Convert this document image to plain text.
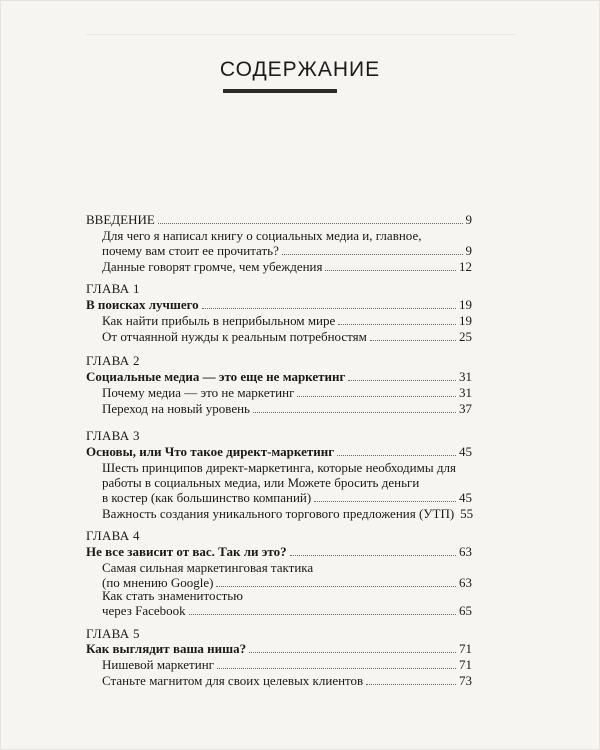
СОДЕРЖАНИЕ
ВВЕДЕНИЕ	9
Для чего я написал книгу о социальных медиа и, главное,
почему вам стоит ее прочитать?	9
Данные говорят громче, чем убеждения	12
ГЛАВА 1
В поисках лучшего	19
Как найти прибыль в неприбыльном мире	19
От отчаянной нужды к реальным потребностям	25
ГЛАВА 2
Социальные медиа — это еще не маркетинг	31
Почему медиа — это не маркетинг	31
Переход на новый уровень	37
ГЛАВА 3
Основы, или Что такое директ-маркетинг	45
Шесть принципов директ-маркетинга, которые необходимы для
работы в социальных медиа, или Можете бросить деньги
в костер (как большинство компаний)	45
Важность создания уникального торгового предложения (УТП) 55
ГЛАВА 4
Не все зависит от вас. Так ли это?	63
Самая сильная маркетинговая тактика
(по мнению Google)	63
Как стать знаменитостью
через Facebook	65
ГЛАВА 5
Как выглядит ваша ниша?	71
Нишевой маркетинг	71
Станьте магнитом для своих целевых клиентов	73
